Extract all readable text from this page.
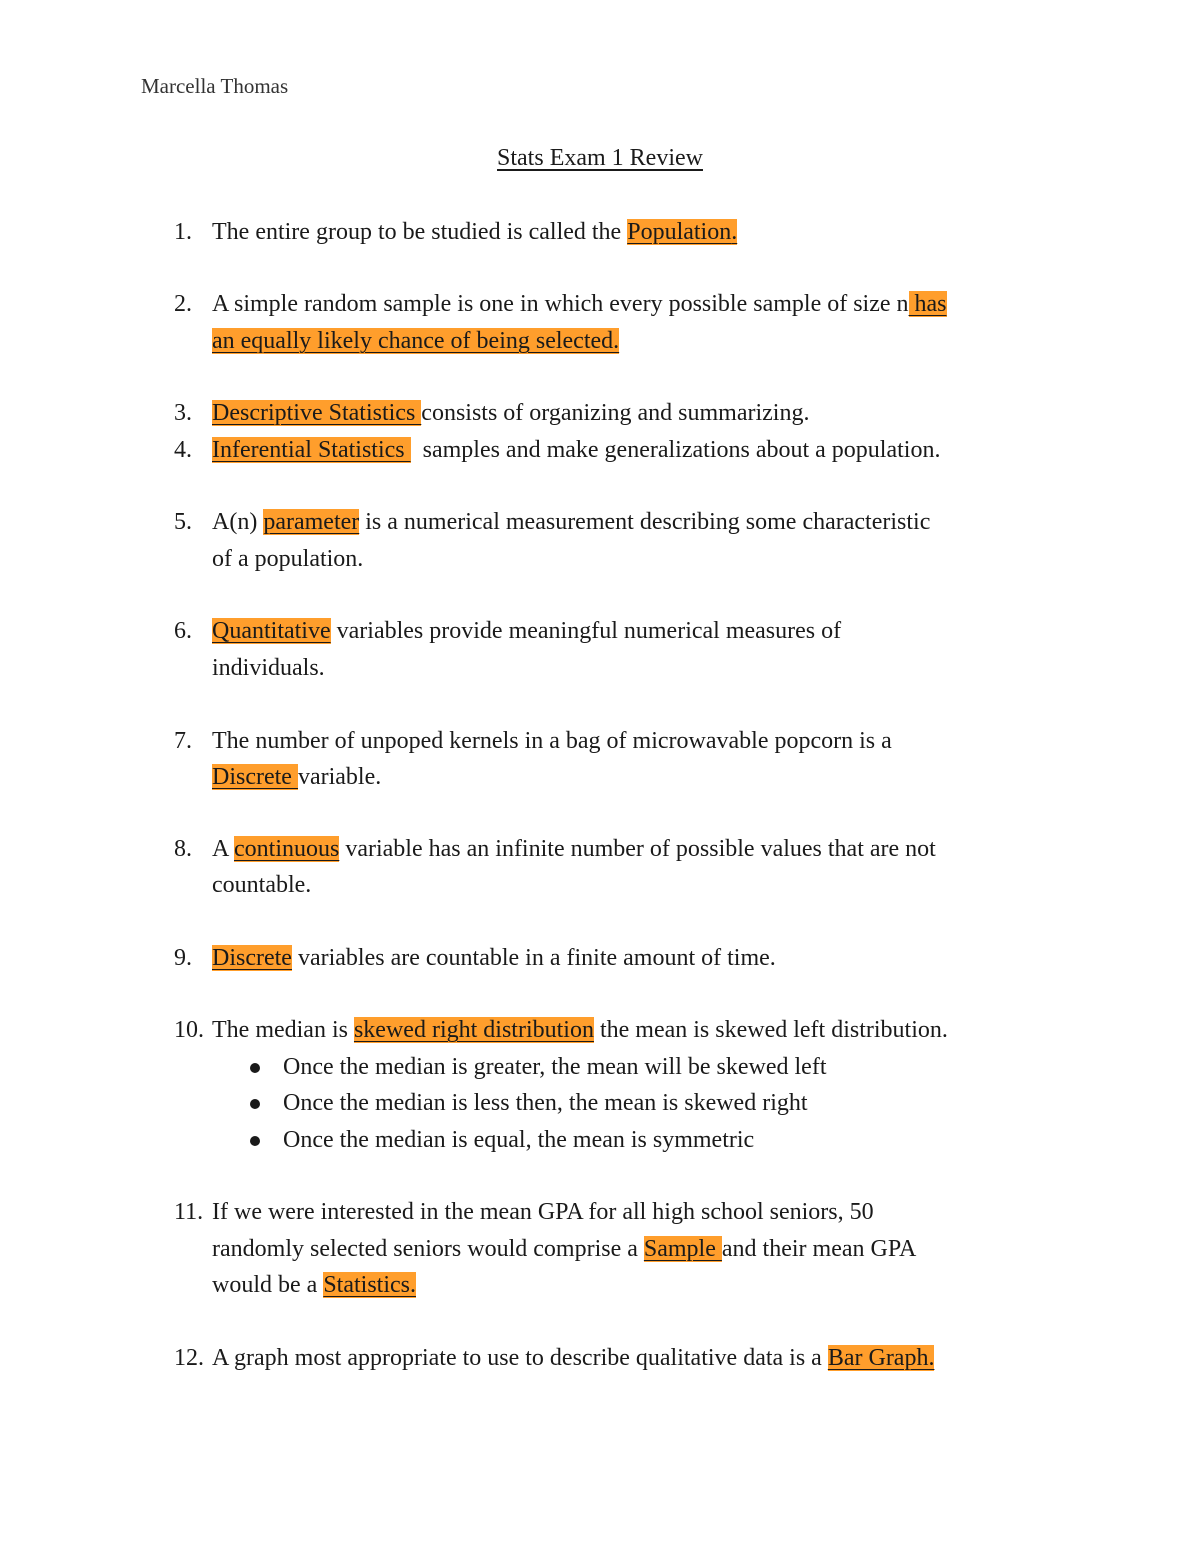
Marcella Thomas
Stats Exam 1 Review
1. The entire group to be studied is called the Population.
2. A simple random sample is one in which every possible sample of size n has
an equally likely chance of being selected.
3. Descriptive Statistics consists of organizing and summarizing.
4. Inferential Statistics   samples and make generalizations about a population.
5. A(n) parameter is a numerical measurement describing some characteristic
of a population.
6. Quantitative variables provide meaningful numerical measures of
individuals.
7. The number of unpoped kernels in a bag of microwavable popcorn is a
Discrete variable.
8. A continuous variable has an infinite number of possible values that are not
countable.
9. Discrete variables are countable in a finite amount of time.
10. The median is skewed right distribution the mean is skewed left distribution.
Once the median is greater, the mean will be skewed left
Once the median is less then, the mean is skewed right
Once the median is equal, the mean is symmetric
11. If we were interested in the mean GPA for all high school seniors, 50
randomly selected seniors would comprise a Sample and their mean GPA
would be a Statistics.
12. A graph most appropriate to use to describe qualitative data is a Bar Graph.
